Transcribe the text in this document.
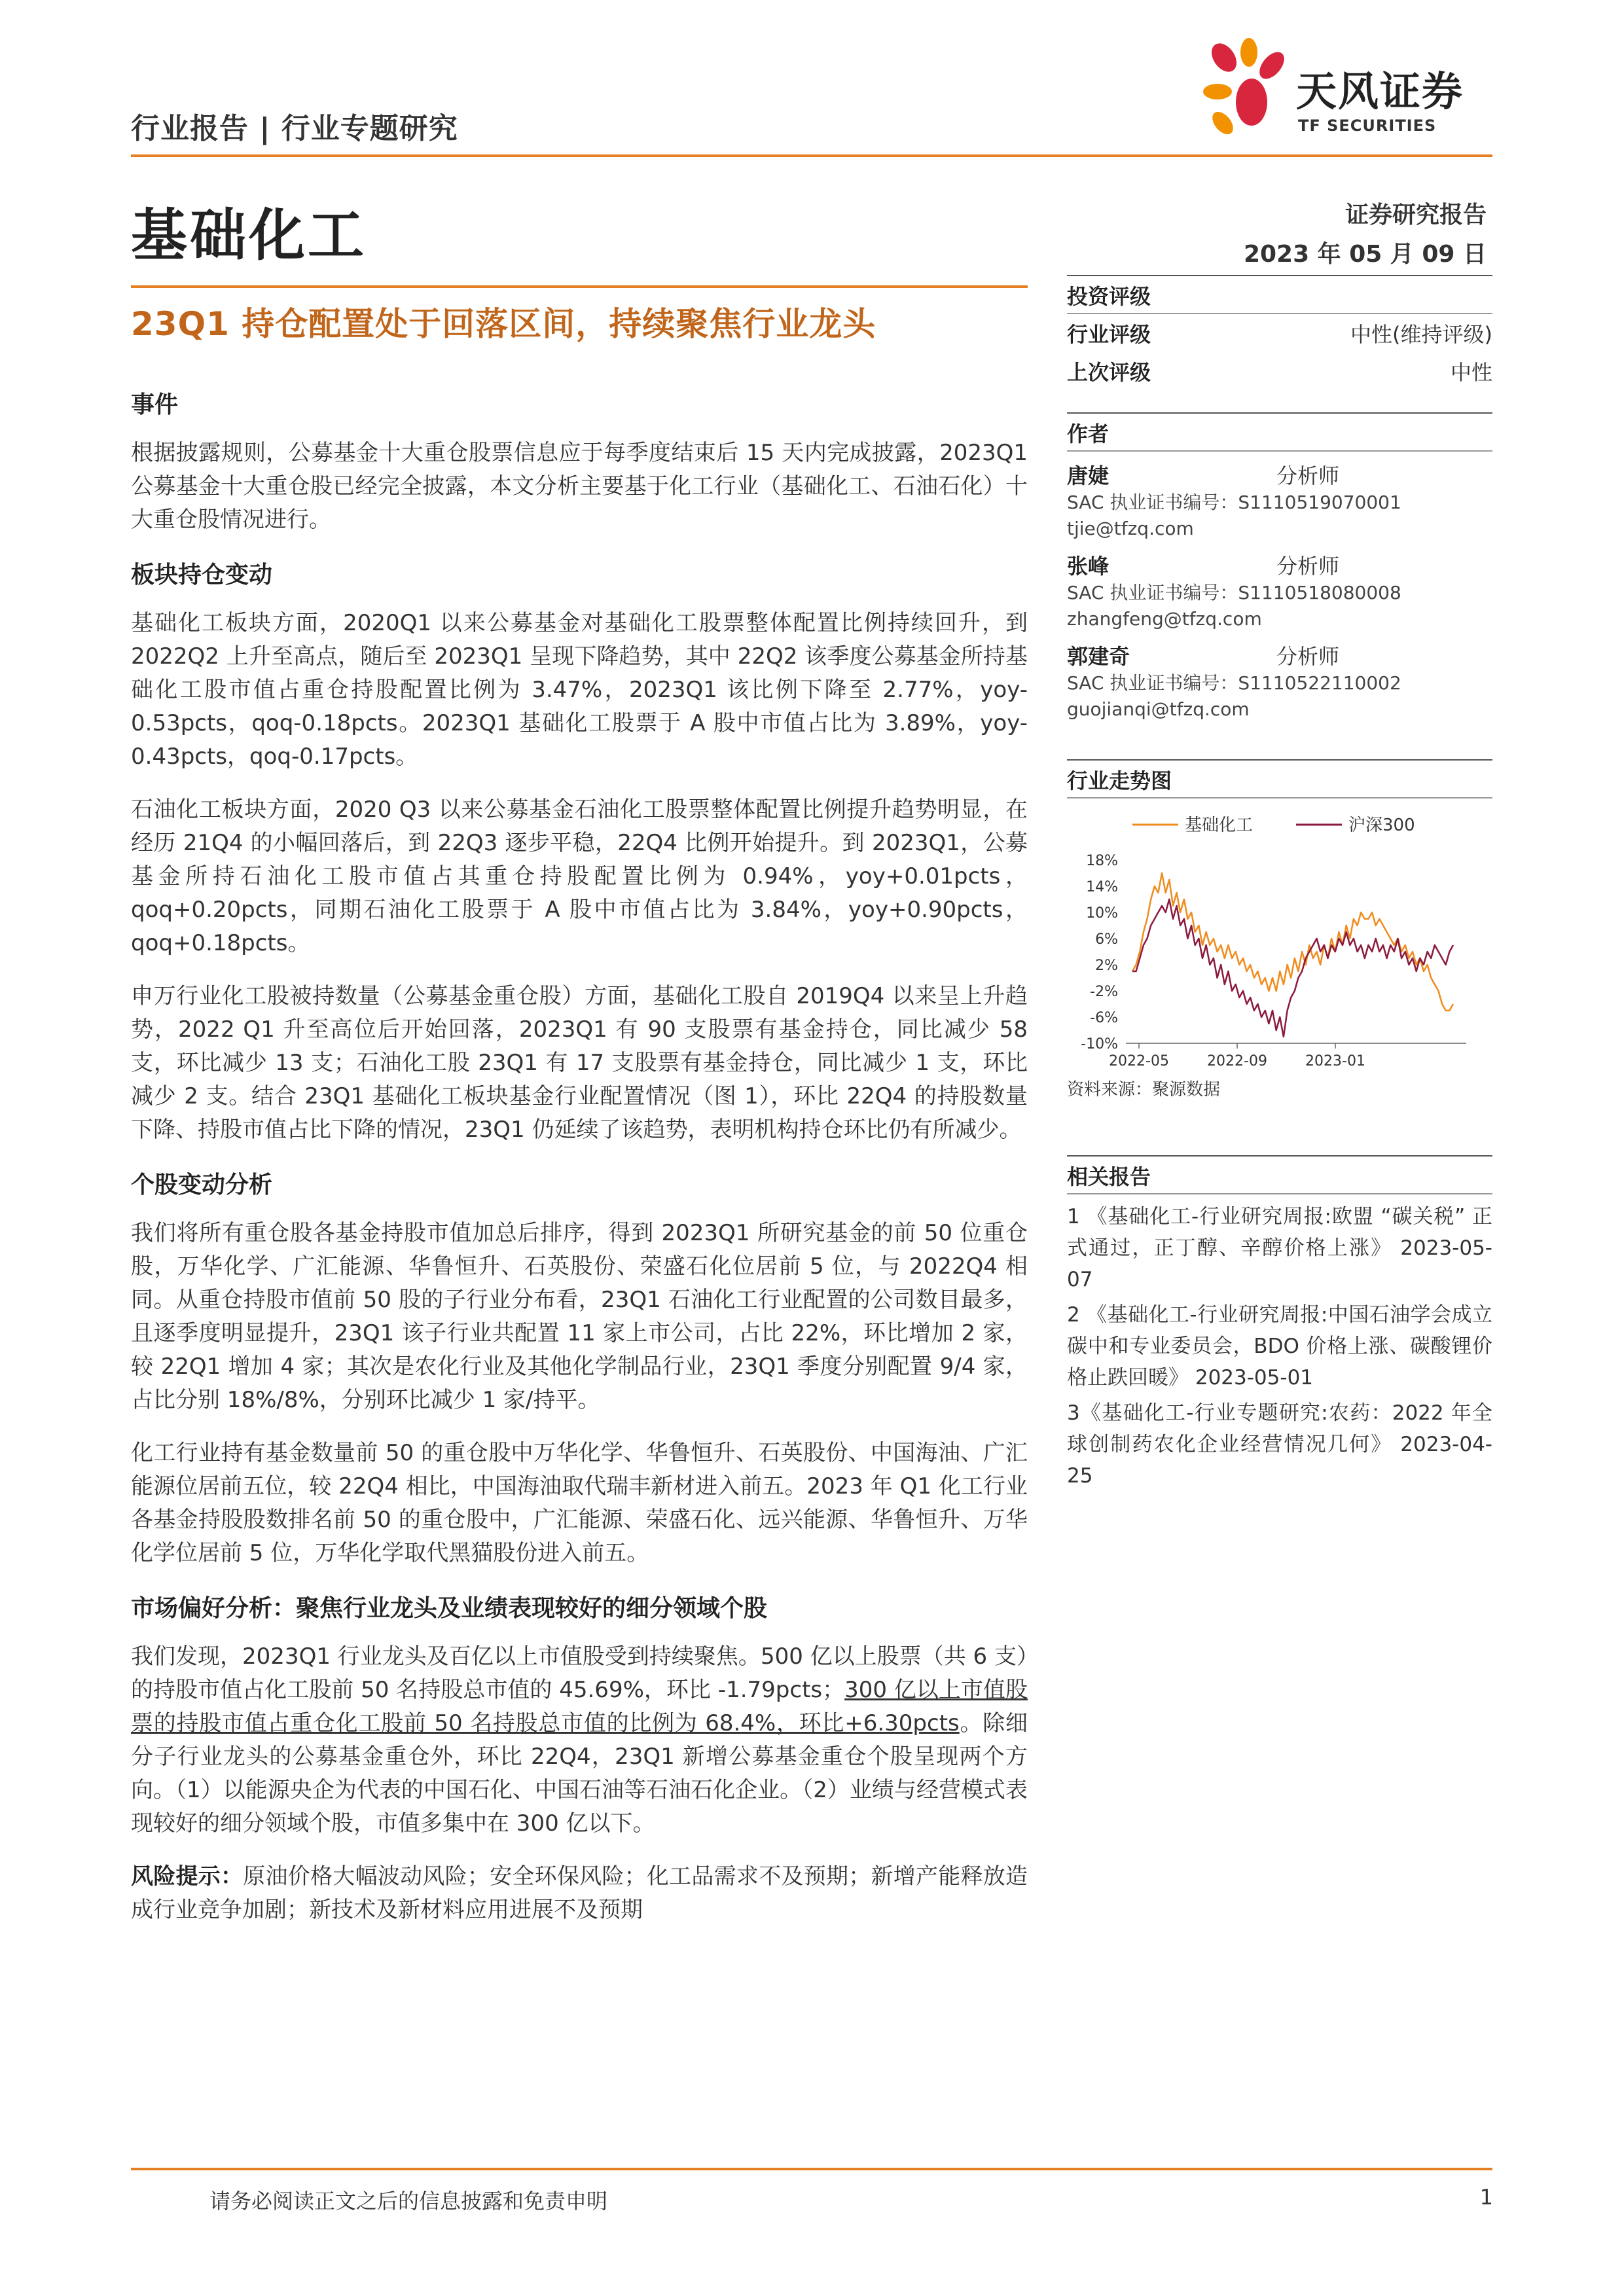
行业报告 | 行业专题研究
天风证券
TF SECURITIES
基础化工	证券研究报告
2023 年 05 月 09 日
23Q1 持仓配置处于回落区间，持续聚焦行业龙头
事件

根据披露规则，公募基金十大重仓股票信息应于每季度结束后 15 天内完成披露，2023Q1 公募基金十大重仓股已经完全披露，本文分析主要基于化工行业（基础化工、石油石化）十大重仓股情况进行。

板块持仓变动

基础化工板块方面，2020Q1 以来公募基金对基础化工股票整体配置比例持续回升，到 2022Q2 上升至高点，随后至 2023Q1 呈现下降趋势，其中 22Q2 该季度公募基金所持基础化工股市值占重仓持股配置比例为 3.47%，2023Q1 该比例下降至 2.77%，yoy-0.53pcts，qoq-0.18pcts。2023Q1 基础化工股票于 A 股中市值占比为 3.89%，yoy-0.43pcts，qoq-0.17pcts。

石油化工板块方面，2020 Q3 以来公募基金石油化工股票整体配置比例提升趋势明显，在经历 21Q4 的小幅回落后，到 22Q3 逐步平稳，22Q4 比例开始提升。到 2023Q1，公募基金所持石油化工股市值占其重仓持股配置比例为 0.94%，yoy+0.01pcts，qoq+0.20pcts，同期石油化工股票于 A 股中市值占比为 3.84%，yoy+0.90pcts，qoq+0.18pcts。

申万行业化工股被持数量（公募基金重仓股）方面，基础化工股自 2019Q4 以来呈上升趋势，2022 Q1 升至高位后开始回落，2023Q1 有 90 支股票有基金持仓，同比减少 58 支，环比减少 13 支；石油化工股 23Q1 有 17 支股票有基金持仓，同比减少 1 支，环比减少 2 支。结合 23Q1 基础化工板块基金行业配置情况（图 1），环比 22Q4 的持股数量下降、持股市值占比下降的情况，23Q1 仍延续了该趋势，表明机构持仓环比仍有所减少。

个股变动分析

我们将所有重仓股各基金持股市值加总后排序，得到 2023Q1 所研究基金的前 50 位重仓股，万华化学、广汇能源、华鲁恒升、石英股份、荣盛石化位居前 5 位，与 2022Q4 相同。从重仓持股市值前 50 股的子行业分布看，23Q1 石油化工行业配置的公司数目最多，且逐季度明显提升，23Q1 该子行业共配置 11 家上市公司，占比 22%，环比增加 2 家，较 22Q1 增加 4 家；其次是农化行业及其他化学制品行业，23Q1 季度分别配置 9/4 家，占比分别 18%/8%，分别环比减少 1 家/持平。

化工行业持有基金数量前 50 的重仓股中万华化学、华鲁恒升、石英股份、中国海油、广汇能源位居前五位，较 22Q4 相比，中国海油取代瑞丰新材进入前五。2023 年 Q1 化工行业各基金持股股数排名前 50 的重仓股中，广汇能源、荣盛石化、远兴能源、华鲁恒升、万华化学位居前 5 位，万华化学取代黑猫股份进入前五。

市场偏好分析：聚焦行业龙头及业绩表现较好的细分领域个股

我们发现，2023Q1 行业龙头及百亿以上市值股受到持续聚焦。500 亿以上股票（共 6 支）的持股市值占化工股前 50 名持股总市值的 45.69%，环比 -1.79pcts；300 亿以上市值股票的持股市值占重仓化工股前 50 名持股总市值的比例为 68.4%，环比+6.30pcts。除细分子行业龙头的公募基金重仓外，环比 22Q4，23Q1 新增公募基金重仓个股呈现两个方向。（1）以能源央企为代表的中国石化、中国石油等石油石化企业。（2）业绩与经营模式表现较好的细分领域个股，市值多集中在 300 亿以下。

风险提示：原油价格大幅波动风险；安全环保风险；化工品需求不及预期；新增产能释放造成行业竞争加剧；新技术及新材料应用进展不及预期

投资评级
行业评级	中性(维持评级)
上次评级	中性
作者
唐婕	分析师
SAC 执业证书编号：S1110519070001
tjie@tfzq.com
张峰	分析师
SAC 执业证书编号：S1110518080008
zhangfeng@tfzq.com
郭建奇	分析师
SAC 执业证书编号：S1110522110002
guojianqi@tfzq.com
行业走势图
基础化工	沪深300
18%
14%
10%
6%
2%
-2%
-6%
-10%
2022-05	2022-09	2023-01
资料来源：聚源数据
相关报告
1 《基础化工-行业研究周报:欧盟 “碳关税” 正式通过，正丁醇、辛醇价格上涨》 2023-05-07
2 《基础化工-行业研究周报:中国石油学会成立碳中和专业委员会，BDO 价格上涨、碳酸锂价格止跌回暖》 2023-05-01
3《基础化工-行业专题研究:农药：2022 年全球创制药农化企业经营情况几何》 2023-04-25
请务必阅读正文之后的信息披露和免责申明	1
